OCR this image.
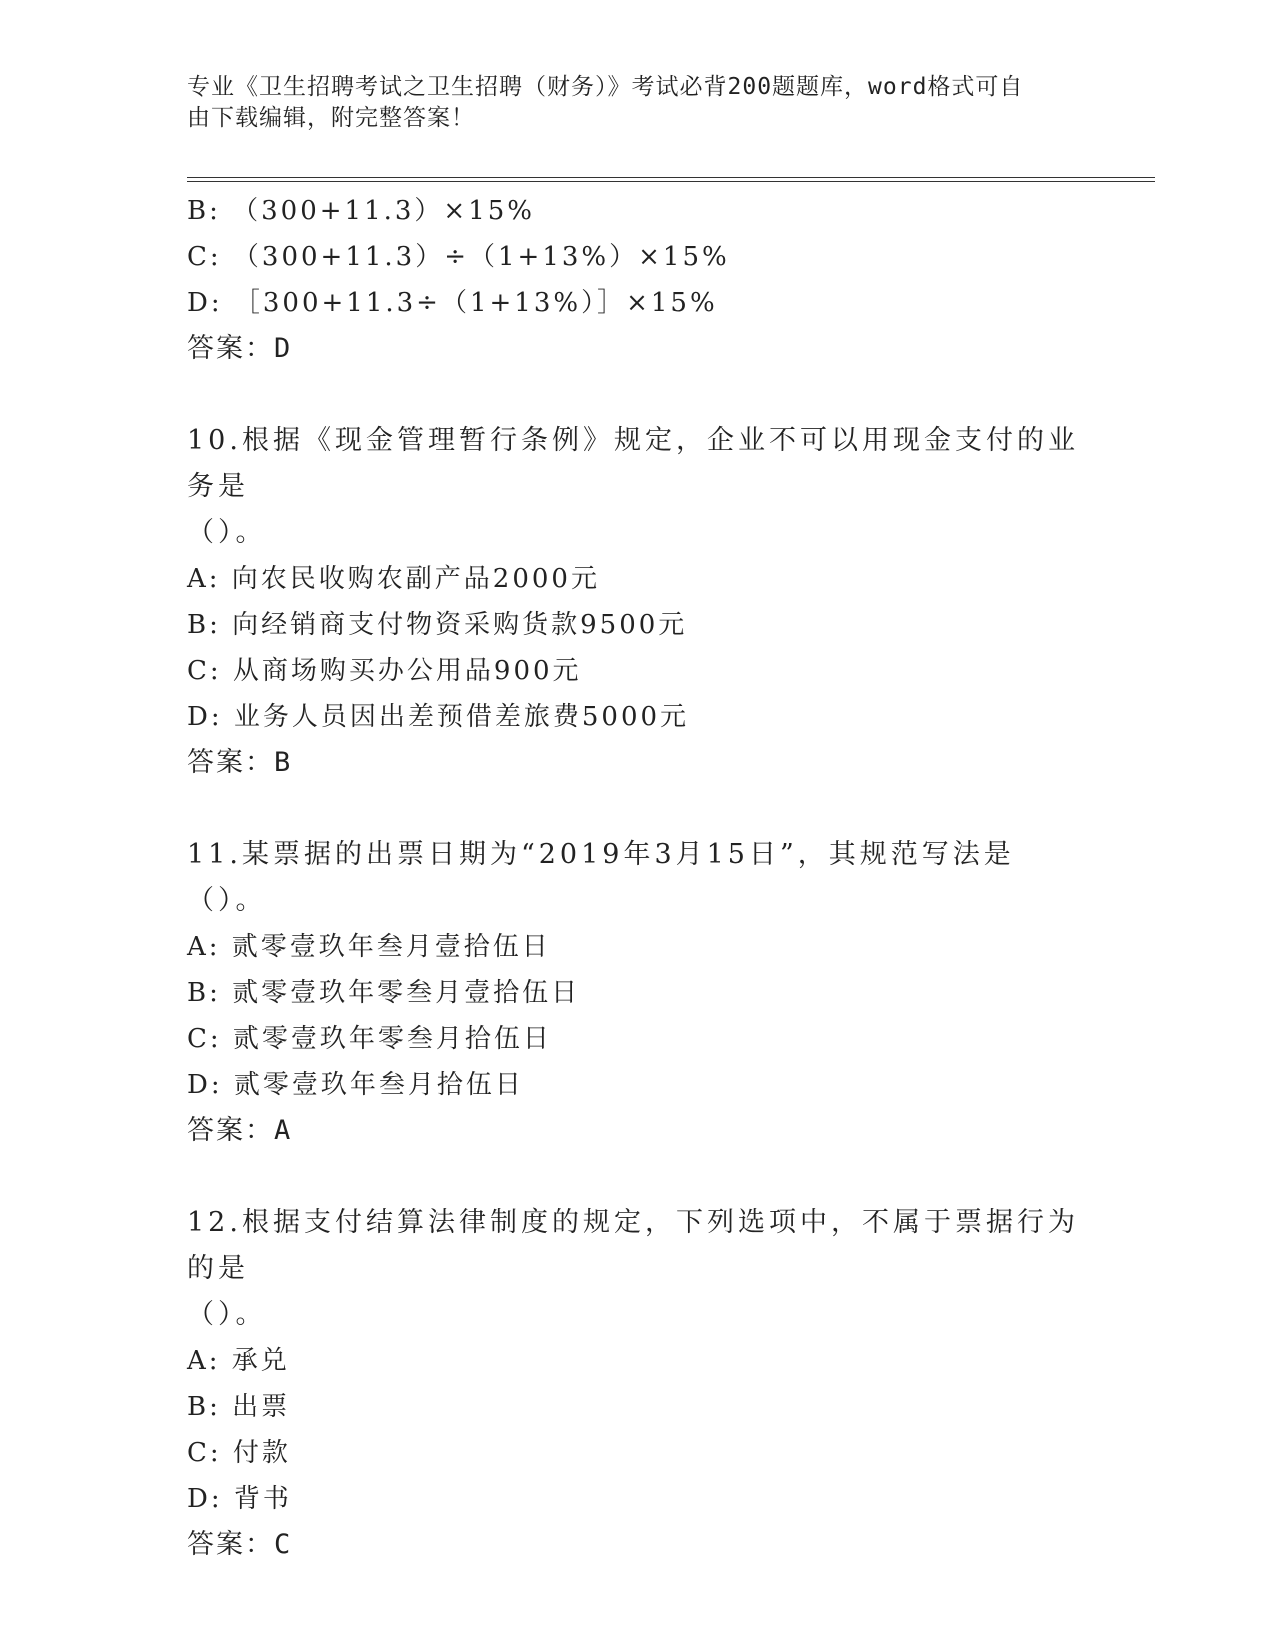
专业《卫生招聘考试之卫生招聘（财务）》考试必背200题题库，word格式可自
由下载编辑，附完整答案！
B: （300+11.3）×15%
C: （300+11.3）÷（1+13%）×15%
D: ［300+11.3÷（1+13%）］×15%
答案：D
10.根据《现金管理暂行条例》规定，企业不可以用现金支付的业务是
（）。
A: 向农民收购农副产品2000元
B: 向经销商支付物资采购货款9500元
C: 从商场购买办公用品900元
D: 业务人员因出差预借差旅费5000元
答案：B
11.某票据的出票日期为“2019年3月15日”，其规范写法是（）。
A: 贰零壹玖年叁月壹拾伍日
B: 贰零壹玖年零叁月壹拾伍日
C: 贰零壹玖年零叁月拾伍日
D: 贰零壹玖年叁月拾伍日
答案：A
12.根据支付结算法律制度的规定，下列选项中，不属于票据行为的是
（）。
A: 承兑
B: 出票
C: 付款
D: 背书
答案：C
